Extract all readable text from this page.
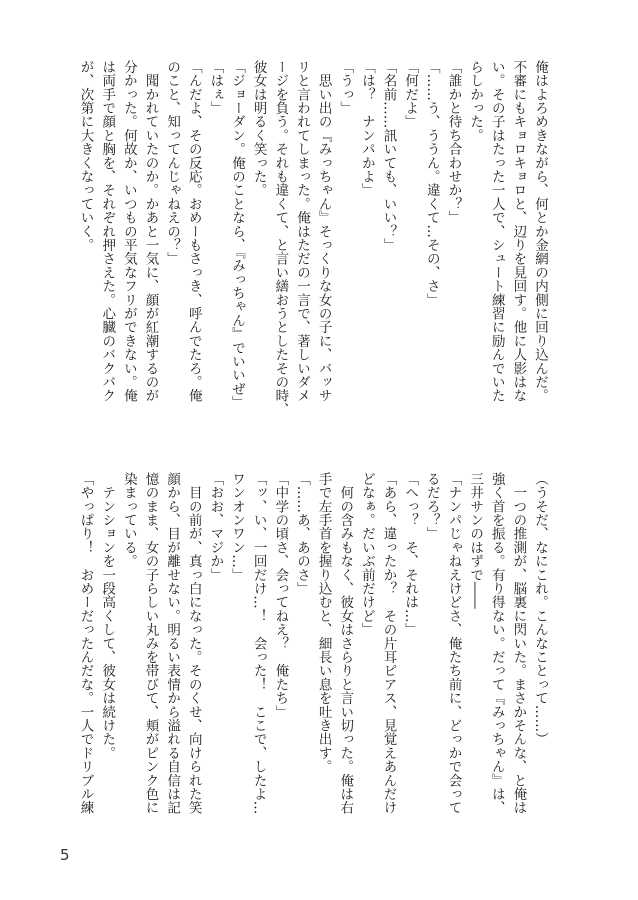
俺はよろめきながら、何とか金網の内側に回り込んだ。
不審にもキョロキョロと、辺りを見回す。他に人影はな
い。その子はたった一人で、シュート練習に励んでいた
らしかった。
「誰かと待ち合わせか？」
「……う、ううん。違くて…その、さ」
「何だよ」
「名前……訊いても、いい？」
「は？　ナンパかよ」
「うっ」
　思い出の『みっちゃん』そっくりな女の子に、バッサ
リと言われてしまった。俺はただの一言で、著しいダメ
ージを負う。それも違くて、と言い繕おうとしたその時、
彼女は明るく笑った。
「ジョーダン。俺のことなら、『みっちゃん』でいいぜ」
「はぇ」
「んだよ、その反応。おめーもさっき、呼んでたろ。俺
のこと、知ってんじゃねえの？」
　聞かれていたのか。かあと一気に、顔が紅潮するのが
分かった。何故か、いつもの平気なフリができない。俺
は両手で顔と胸を、それぞれ押さえた。心臓のバクバク
が、次第に大きくなっていく。
（うそだ、なにこれ。こんなことって……）
　一つの推測が、脳裏に閃いた。まさかそんな、と俺は
強く首を振る。有り得ない。だって『みっちゃん』は、
三井サンのはずで――
「ナンパじゃねえけどさ、俺たち前に、どっかで会って
るだろ？」
「へっ？　そ、それは…」
「あら、違ったか？　その片耳ピアス、見覚えあんだけ
どなぁ。だいぶ前だけど」
　何の含みもなく、彼女はさらりと言い切った。俺は右
手で左手首を握り込むと、細長い息を吐き出す。
「……あ、あのさ」
「中学の頃さ、会ってねえ？　俺たち」
「ッ、い、一回だけ…！　会った！　ここで、したよ…
ワンオンワン…」
「おお、マジか」
　目の前が、真っ白になった。そのくせ、向けられた笑
顔から、目が離せない。明るい表情から溢れる自信は記
憶のまま、女の子らしい丸みを帯びて、頬がピンク色に
染まっている。
　テンションを一段高くして、彼女は続けた。
「やっぱり！　おめーだったんだな。一人でドリブル練
5
